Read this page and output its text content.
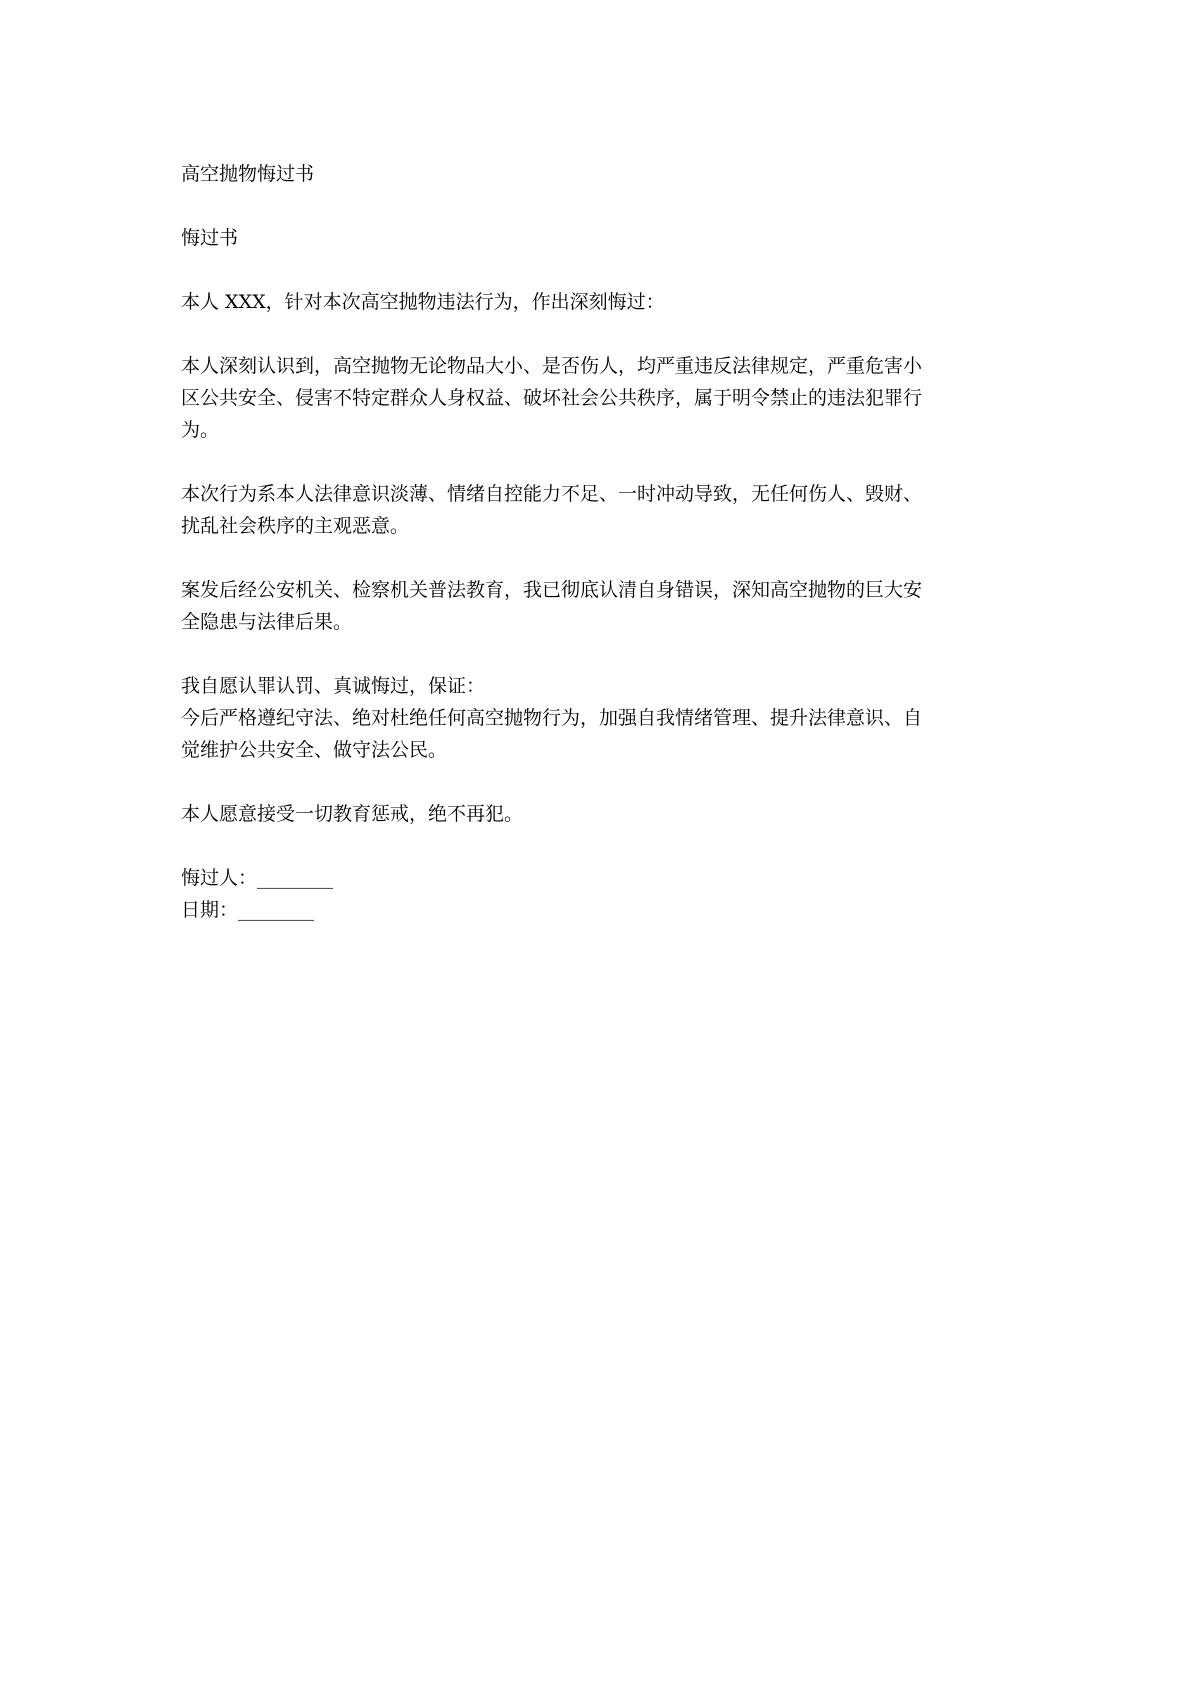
高空抛物悔过书
悔过书
本人 XXX，针对本次高空抛物违法行为，作出深刻悔过：
本人深刻认识到，高空抛物无论物品大小、是否伤人，均严重违反法律规定，严重危害小
区公共安全、侵害不特定群众人身权益、破坏社会公共秩序，属于明令禁止的违法犯罪行
为。
本次行为系本人法律意识淡薄、情绪自控能力不足、一时冲动导致，无任何伤人、毁财、
扰乱社会秩序的主观恶意。
案发后经公安机关、检察机关普法教育，我已彻底认清自身错误，深知高空抛物的巨大安
全隐患与法律后果。
我自愿认罪认罚、真诚悔过，保证：
今后严格遵纪守法、绝对杜绝任何高空抛物行为，加强自我情绪管理、提升法律意识、自
觉维护公共安全、做守法公民。
本人愿意接受一切教育惩戒，绝不再犯。
悔过人：________
日期：________
